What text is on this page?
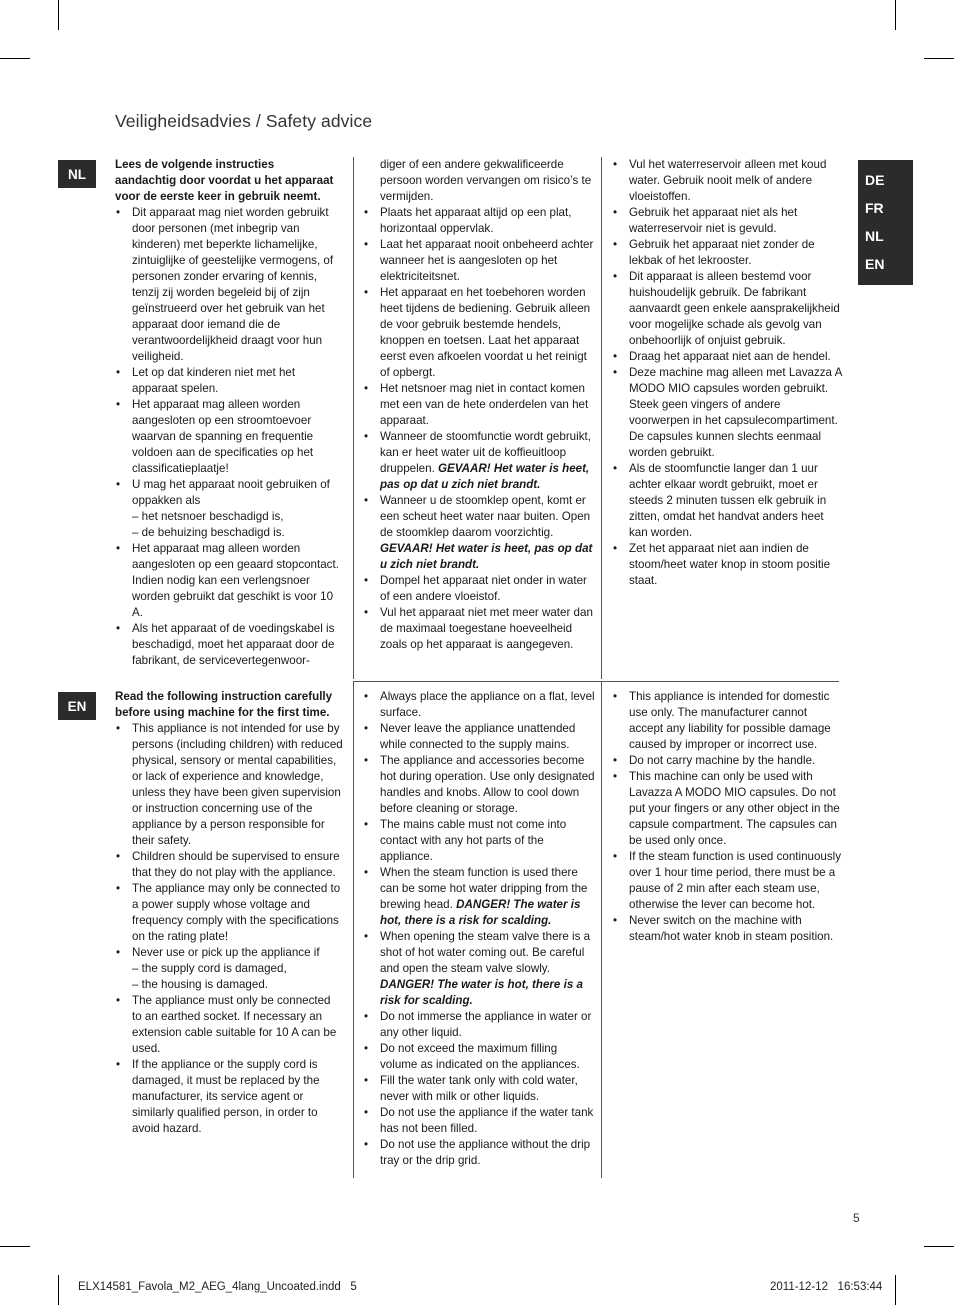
Veiligheidsadvies / Safety advice
DE
FR
NL
EN
NL
Lees de volgende instructies aandachtig door voordat u het apparaat voor de eerste keer in gebruik neemt.
• Dit apparaat mag niet worden gebruikt door personen (met inbegrip van kinderen) met beperkte lichamelijke, zintuiglijke of geestelijke vermogens, of personen zonder ervaring of kennis, tenzij zij worden begeleid bij of zijn geïnstrueerd over het gebruik van het apparaat door iemand die de verantwoordelijkheid draagt voor hun veiligheid.
• Let op dat kinderen niet met het apparaat spelen.
• Het apparaat mag alleen worden aangesloten op een stroomtoevoer waarvan de spanning en frequentie voldoen aan de specificaties op het classificatieplaatje!
• U mag het apparaat nooit gebruiken of oppakken als
– het netsnoer beschadigd is,
– de behuizing beschadigd is.
• Het apparaat mag alleen worden aangesloten op een geaard stopcontact. Indien nodig kan een verlengsnoer worden gebruikt dat geschikt is voor 10 A.
• Als het apparaat of de voedingskabel is beschadigd, moet het apparaat door de fabrikant, de servicevertegenwoor-
diger of een andere gekwalificeerde persoon worden vervangen om risico’s te vermijden.
• Plaats het apparaat altijd op een plat, horizontaal oppervlak.
• Laat het apparaat nooit onbeheerd achter wanneer het is aangesloten op het elektriciteitsnet.
• Het apparaat en het toebehoren worden heet tijdens de bediening. Gebruik alleen de voor gebruik bestemde hendels, knoppen en toetsen. Laat het apparaat eerst even afkoelen voordat u het reinigt of opbergt.
• Het netsnoer mag niet in contact komen met een van de hete onderdelen van het apparaat.
• Wanneer de stoomfunctie wordt gebruikt, kan er heet water uit de koffieuitloop druppelen. GEVAAR! Het water is heet, pas op dat u zich niet brandt.
• Wanneer u de stoomklep opent, komt er een scheut heet water naar buiten. Open de stoomklep daarom voorzichtig. GEVAAR! Het water is heet, pas op dat u zich niet brandt.
• Dompel het apparaat niet onder in water of een andere vloeistof.
• Vul het apparaat niet met meer water dan de maximaal toegestane hoeveelheid zoals op het apparaat is aangegeven.
• Vul het waterreservoir alleen met koud water. Gebruik nooit melk of andere vloeistoffen.
• Gebruik het apparaat niet als het waterreservoir niet is gevuld.
• Gebruik het apparaat niet zonder de lekbak of het lekrooster.
• Dit apparaat is alleen bestemd voor huishoudelijk gebruik. De fabrikant aanvaardt geen enkele aansprakelijkheid voor mogelijke schade als gevolg van onbehoorlijk of onjuist gebruik.
• Draag het apparaat niet aan de hendel.
• Deze machine mag alleen met Lavazza A MODO MIO capsules worden gebruikt. Steek geen vingers of andere voorwerpen in het capsulecompartiment. De capsules kunnen slechts eenmaal worden gebruikt.
• Als de stoomfunctie langer dan 1 uur achter elkaar wordt gebruikt, moet er steeds 2 minuten tussen elk gebruik in zitten, omdat het handvat anders heet kan worden.
• Zet het apparaat niet aan indien de stoom/heet water knop in stoom positie staat.
EN
Read the following instruction carefully before using machine for the first time.
• This appliance is not intended for use by persons (including children) with reduced physical, sensory or mental capabilities, or lack of experience and knowledge, unless they have been given supervision or instruction concerning use of the appliance by a person responsible for their safety.
• Children should be supervised to ensure that they do not play with the appliance.
• The appliance may only be connected to a power supply whose voltage and frequency comply with the specifications on the rating plate!
• Never use or pick up the appliance if
– the supply cord is damaged,
– the housing is damaged.
• The appliance must only be connected to an earthed socket. If necessary an extension cable suitable for 10 A can be used.
• If the appliance or the supply cord is damaged, it must be replaced by the manufacturer, its service agent or similarly qualified person, in order to avoid hazard.
• Always place the appliance on a flat, level surface.
• Never leave the appliance unattended while connected to the supply mains.
• The appliance and accessories become hot during operation. Use only designated handles and knobs. Allow to cool down before cleaning or storage.
• The mains cable must not come into contact with any hot parts of the appliance.
• When the steam function is used there can be some hot water dripping from the brewing head. DANGER! The water is hot, there is a risk for scalding.
• When opening the steam valve there is a shot of hot water coming out. Be careful and open the steam valve slowly. DANGER! The water is hot, there is a risk for scalding.
• Do not immerse the appliance in water or any other liquid.
• Do not exceed the maximum filling volume as indicated on the appliances.
• Fill the water tank only with cold water, never with milk or other liquids.
• Do not use the appliance if the water tank has not been filled.
• Do not use the appliance without the drip tray or the drip grid.
• This appliance is intended for domestic use only. The manufacturer cannot accept any liability for possible damage caused by improper or incorrect use.
• Do not carry machine by the handle.
• This machine can only be used with Lavazza A MODO MIO capsules. Do not put your fingers or any other object in the capsule compartment. The capsules can be used only once.
• If the steam function is used continuously over 1 hour time period, there must be a pause of 2 min after each steam use, otherwise the lever can become hot.
• Never switch on the machine with steam/hot water knob in steam position.
5
ELX14581_Favola_M2_AEG_4lang_Uncoated.indd   5	2011-12-12   16:53:44
